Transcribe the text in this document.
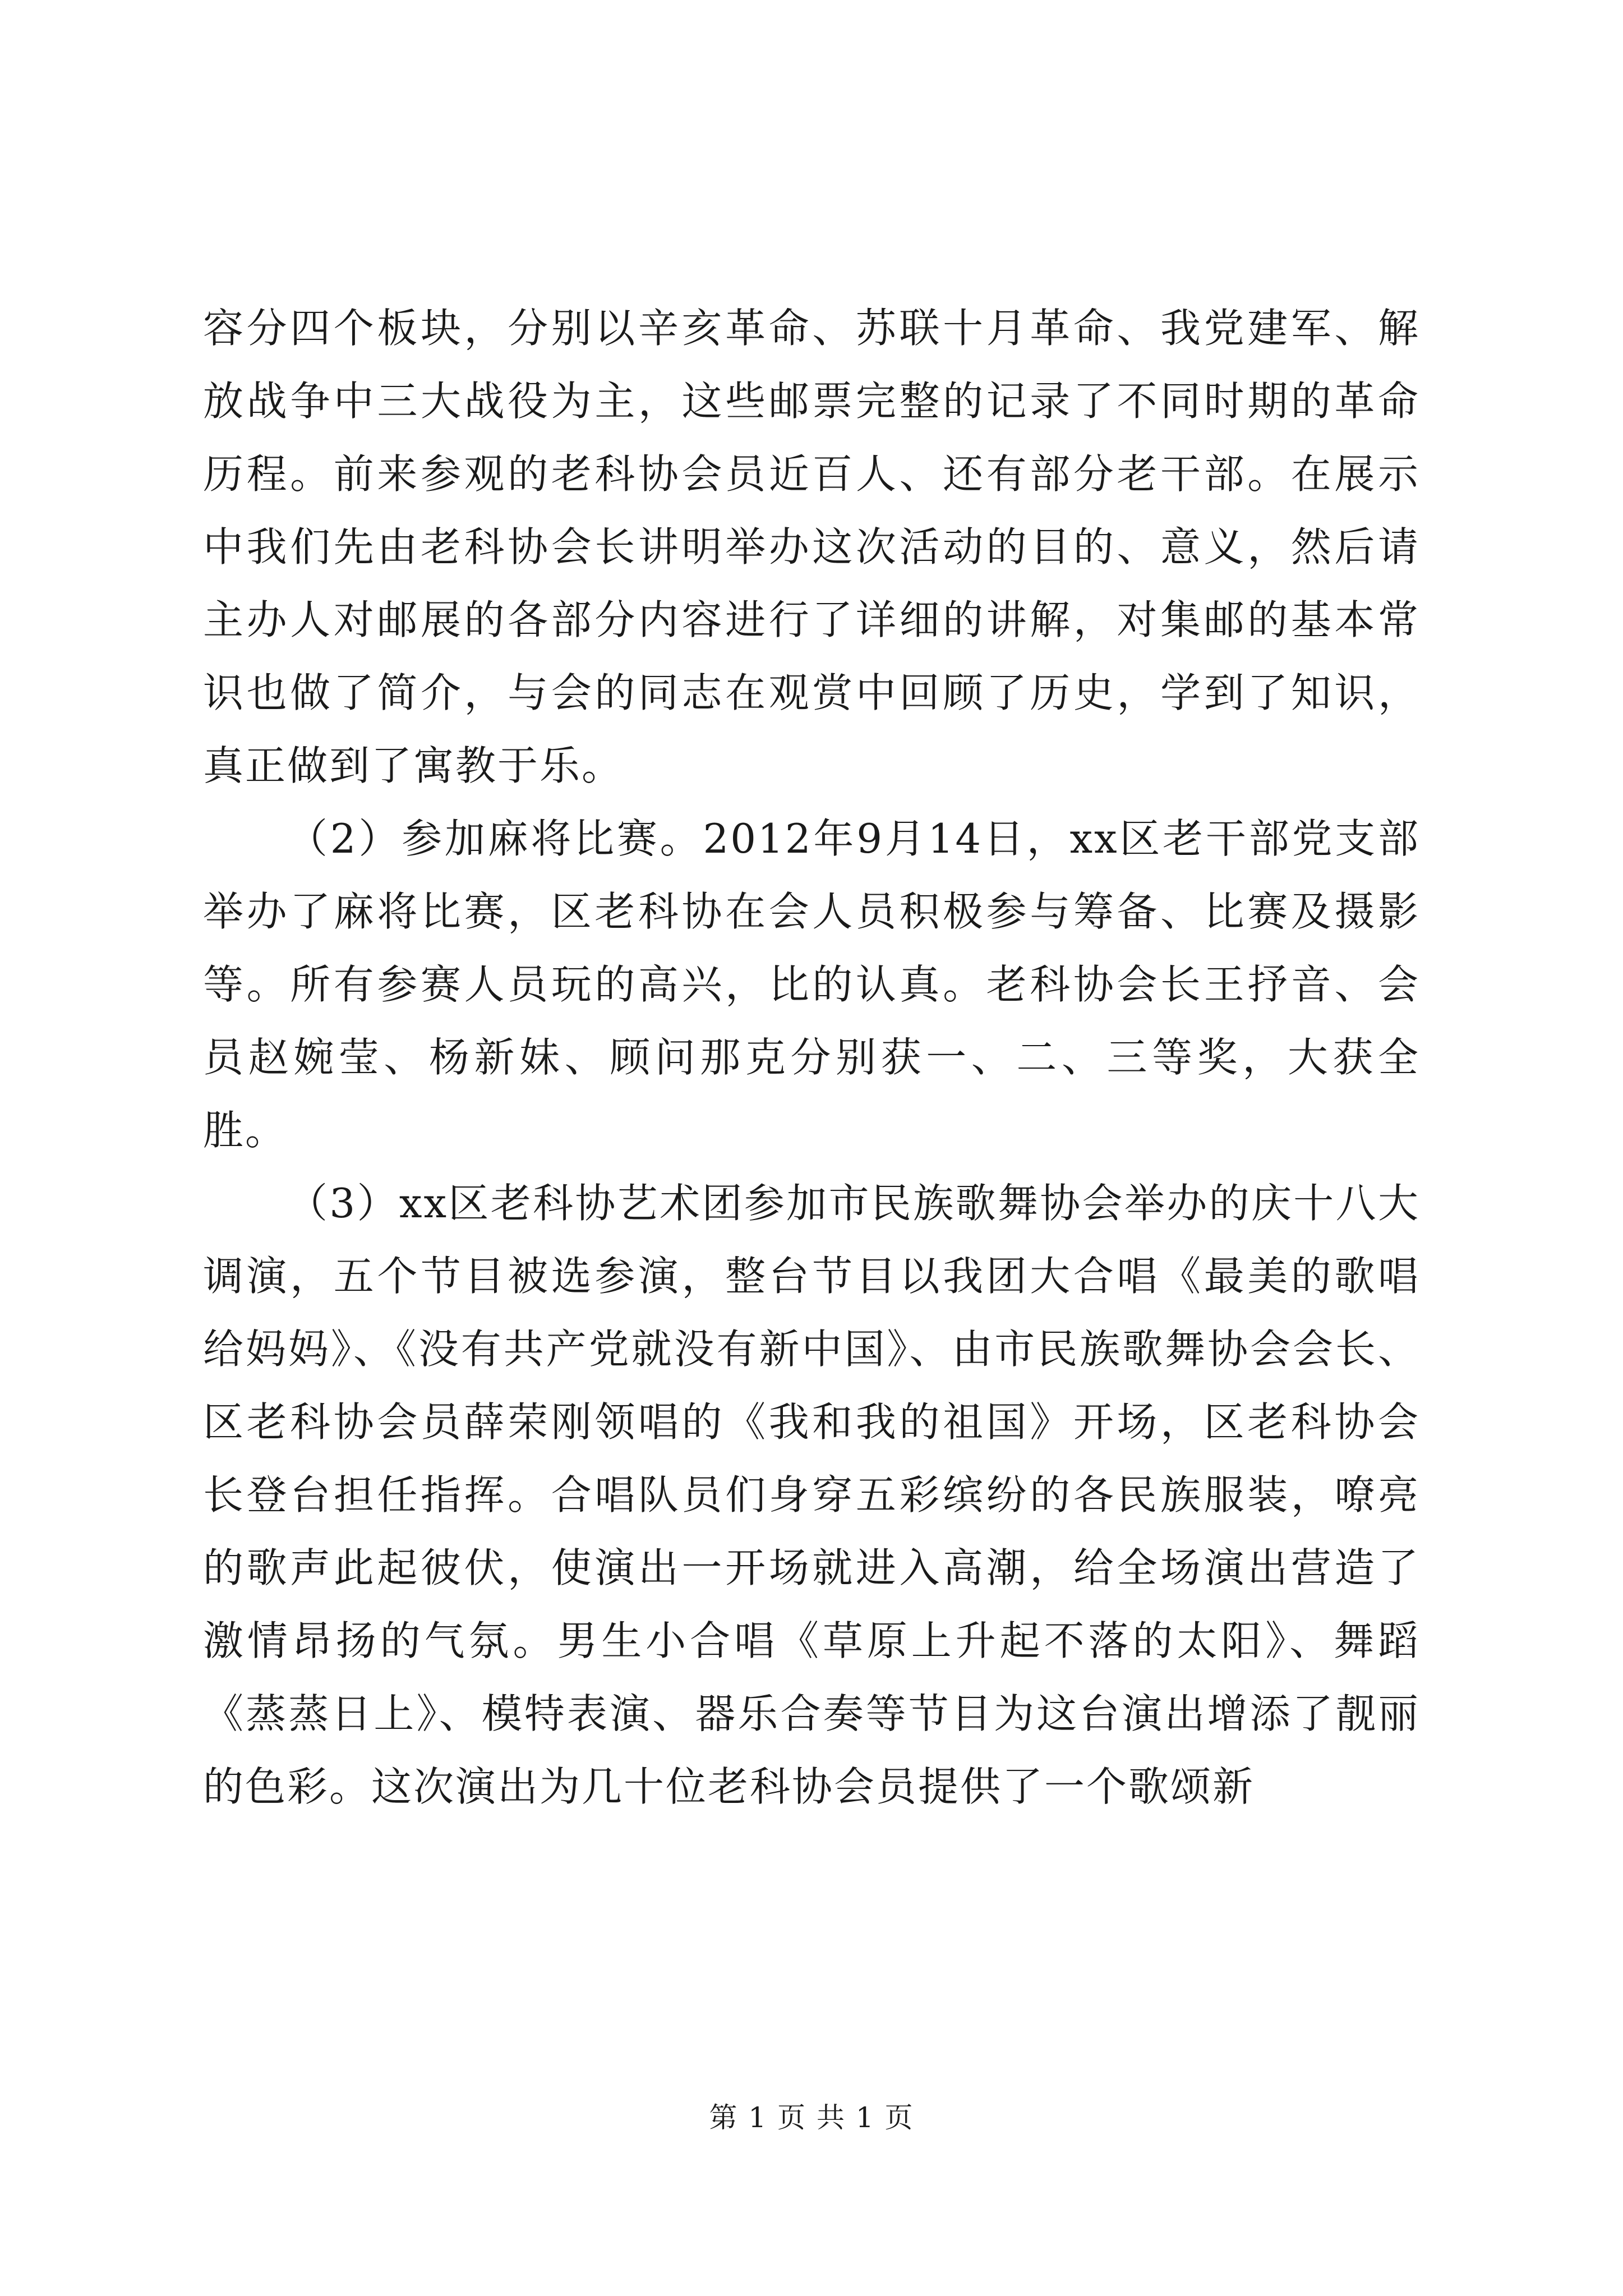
容分四个板块，分别以辛亥革命、苏联十月革命、我党建军、解放战争中三大战役为主，这些邮票完整的记录了不同时期的革命历程。前来参观的老科协会员近百人、还有部分老干部。在展示中我们先由老科协会长讲明举办这次活动的目的、意义，然后请主办人对邮展的各部分内容进行了详细的讲解，对集邮的基本常识也做了简介，与会的同志在观赏中回顾了历史，学到了知识，真正做到了寓教于乐。

（2）参加麻将比赛。2012年9月14日，xx区老干部党支部举办了麻将比赛，区老科协在会人员积极参与筹备、比赛及摄影等。所有参赛人员玩的高兴，比的认真。老科协会长王抒音、会员赵婉莹、杨新妹、顾问那克分别获一、二、三等奖，大获全胜。

（3）xx区老科协艺术团参加市民族歌舞协会举办的庆十八大调演，五个节目被选参演，整台节目以我团大合唱《最美的歌唱给妈妈》、《没有共产党就没有新中国》、由市民族歌舞协会会长、区老科协会员薛荣刚领唱的《我和我的祖国》开场，区老科协会长登台担任指挥。合唱队员们身穿五彩缤纷的各民族服装，嘹亮的歌声此起彼伏，使演出一开场就进入高潮，给全场演出营造了激情昂扬的气氛。男生小合唱《草原上升起不落的太阳》、舞蹈《蒸蒸日上》、模特表演、器乐合奏等节目为这台演出增添了靓丽的色彩。这次演出为几十位老科协会员提供了一个歌颂新

第 1 页 共 1 页
